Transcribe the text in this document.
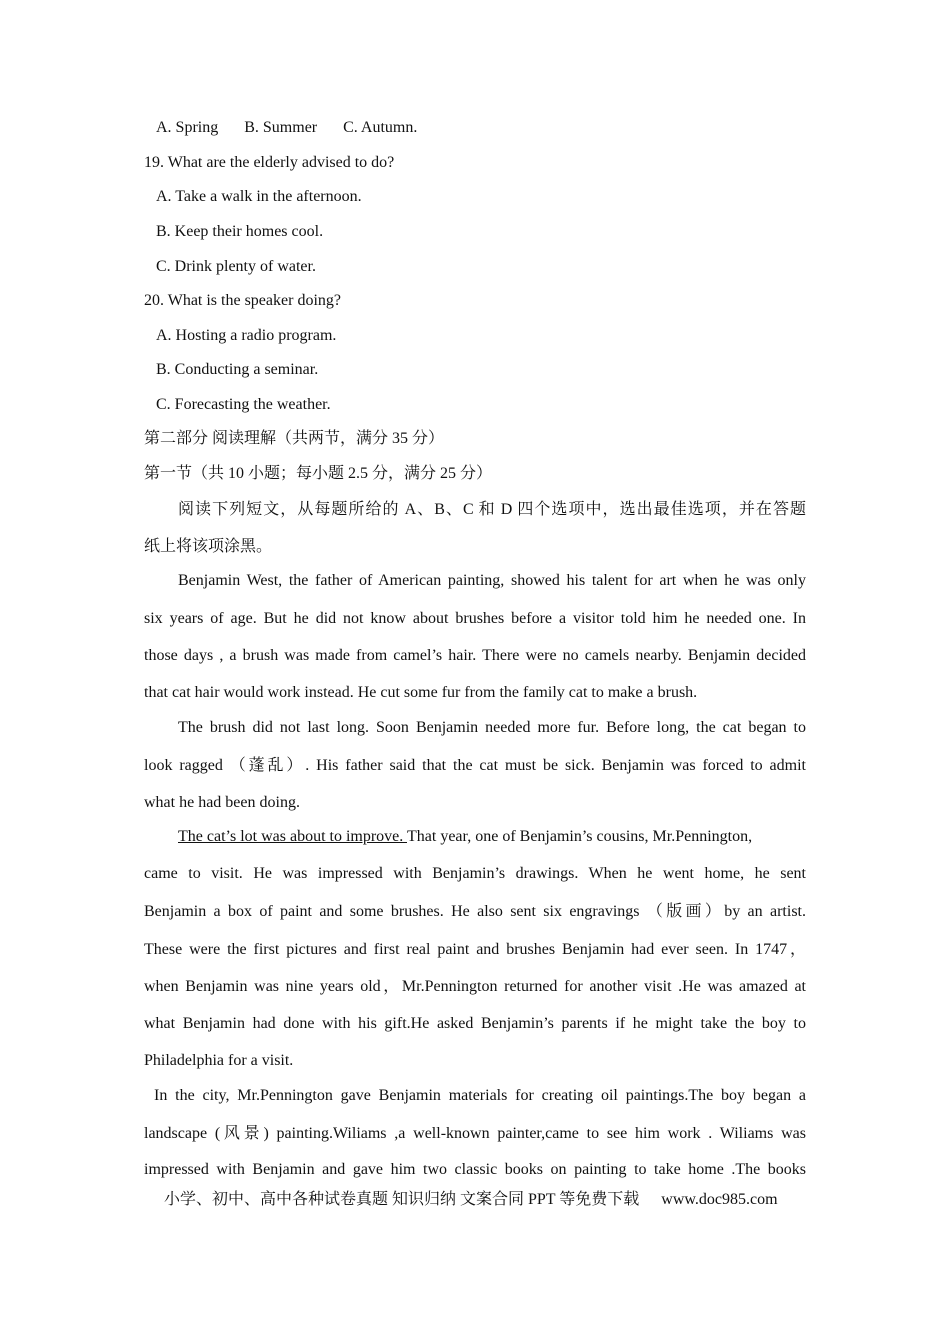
A. Spring B. Summer C. Autumn.
19. What are the elderly advised to do?
A. Take a walk in the afternoon.
B. Keep their homes cool.
C. Drink plenty of water.
20. What is the speaker doing?
A. Hosting a radio program.
B. Conducting a seminar.
C. Forecasting the weather.
第二部分 阅读理解（共两节，满分 35 分）
第一节（共 10 小题；每小题 2.5 分，满分 25 分）
阅读下列短文，从每题所给的 A、B、C 和 D 四个选项中，选出最佳选项，并在答题
纸上将该项涂黑。
Benjamin West, the father of American painting, showed his talent for art when he was only
six years of age. But he did not know about brushes before a visitor told him he needed one. In
those days , a brush was made from camel’s hair. There were no camels nearby. Benjamin decided
that cat hair would work instead. He cut some fur from the family cat to make a brush.
The brush did not last long. Soon Benjamin needed more fur. Before long, the cat began to
look ragged （蓬乱）. His father said that the cat must be sick. Benjamin was forced to admit
what he had been doing.
The cat’s lot was about to improve. That year, one of Benjamin’s cousins, Mr.Pennington,
came to visit. He was impressed with Benjamin’s drawings. When he went home, he sent
Benjamin a box of paint and some brushes. He also sent six engravings （版画）by an artist.
These were the first pictures and first real paint and brushes Benjamin had ever seen. In 1747，
when Benjamin was nine years old，Mr.Pennington returned for another visit .He was amazed at
what Benjamin had done with his gift.He asked Benjamin’s parents if he might take the boy to
Philadelphia for a visit.
In the city, Mr.Pennington gave Benjamin materials for creating oil paintings.The boy began a
landscape (风景) painting.Wiliams ,a well-known painter,came to see him work . Wiliams was
impressed with Benjamin and gave him two classic books on painting to take home .The books
小学、初中、高中各种试卷真题 知识归纳 文案合同 PPT 等免费下载 www.doc985.com
